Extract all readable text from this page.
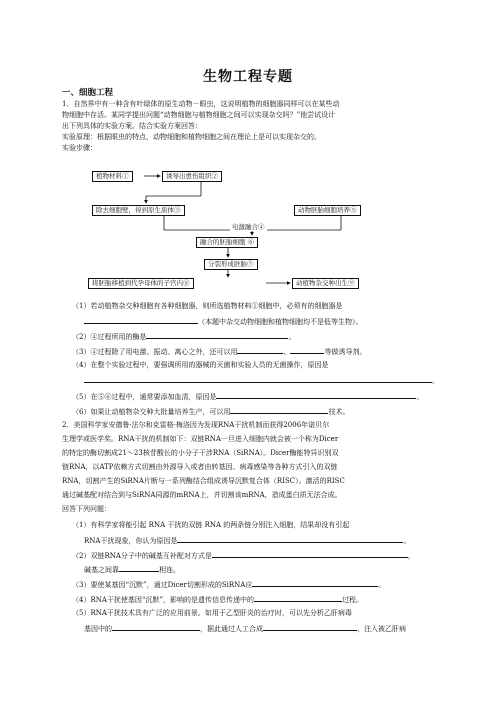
生物工程专题
一、细胞工程
1．自然界中有一种含有叶绿体的原生动物－眼虫，这说明植物的细胞器同样可以在某些动
物细胞中存活。某同学提出问题“动物细胞与植物细胞之间可以实现杂交吗？”他尝试设计
出下列具体的实验方案。结合实验方案回答：
实验原理：根据眼虫的特点，动物细胞和植物细胞之间在理论上是可以实现杂交的。
实验步骤：
植物材料①	诱导出愈伤组织②
除去细胞壁，得到原生质体③	动物胚胎细胞培养⑤
电激融合④
融合的胚胎细胞 ⑥
分裂形成胚胎⑦
将胚胎移植到代孕母体的子宫内⑧	动植物杂交种出生⑨
（1）若动植物杂交种细胞有各种细胞器，则所选植物材料①细胞中，必须有的细胞器是
（本题中杂交动物细胞和植物细胞均不是低等生物）。
（2）④过程所用的酶是	。
（3）④过程除了用电激、振动、离心之外，还可以用	、	等做诱导剂。
（4）在整个实验过程中，要强调所用的器械的灭菌和实验人员的无菌操作，原因是
。
（5）在⑤⑥过程中，通常要添加血清，原因是	。
（6）如果让动植物杂交种大批量培养生产，可以用	技术。
2．美国科学家安德鲁·法尔和克雷格·梅洛因为发现RNA干扰机制而获得2006年诺贝尔
生理学或医学奖。RNA干扰的机制如下：双链RNA一旦进入细胞内就会被一个称为Dicer
的特定的酶切割成21～23核苷酸长的小分子干涉RNA（SiRNA）。Dicer酶能特异识别双
链RNA，以ATP依赖方式切割由外源导入或者由转基因、病毒感染等各种方式引入的双链
RNA，切割产生的SiRNA片断与一系列酶结合组成诱导沉默复合体（RISC）。激活的RISC
通过碱基配对结合到与SiRNA同源的mRNA上，并切割该mRNA，造成蛋白质无法合成。
回答下列问题：
（1）有科学家将能引起 RNA 干扰的双链 RNA 的两条链分别注入细胞，结果却没有引起
RNA干扰现象，你认为原因是	。
（2）双链RNA分子中的碱基互补配对方式是	，
碱基之间靠	相连。
（3）要使某基因“沉默”，通过Dicer切割形成的SiRNA应	。
（4）RNA干扰使基因“沉默”，影响的是遗传信息传递中的	过程。
（5）RNA干扰技术具有广泛的应用前景。如用于乙型肝炎的治疗时，可以先分析乙肝病毒
基因中的	，据此通过人工合成	，注入被乙肝病
